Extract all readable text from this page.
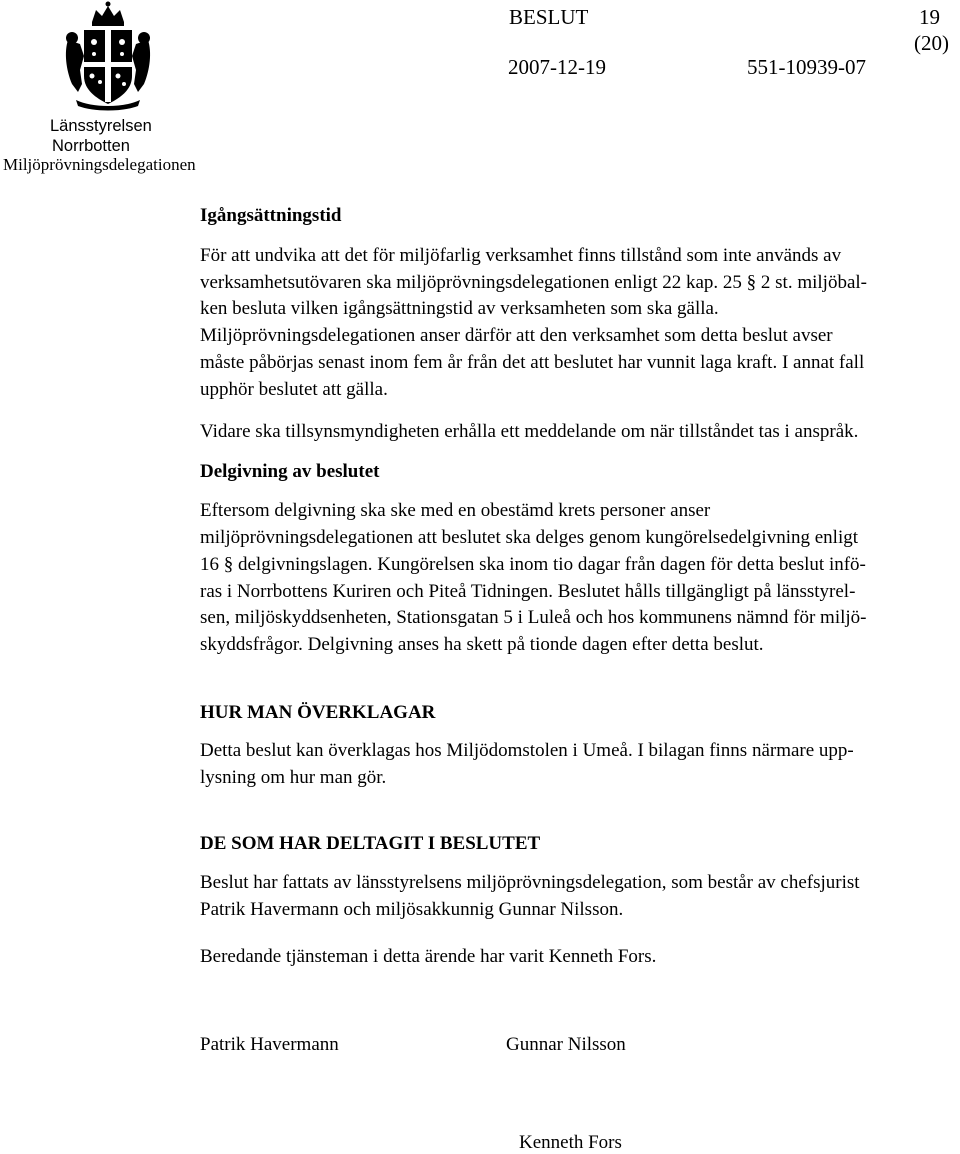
Länsstyrelsen
Norrbotten
Miljöprövningsdelegationen
BESLUT	19
(20)
2007-12-19	551-10939-07

Igångsättningstid

För att undvika att det för miljöfarlig verksamhet finns tillstånd som inte används av

verksamhetsutövaren ska miljöprövningsdelegationen enligt 22 kap. 25 § 2 st. miljöbal-

ken besluta vilken igångsättningstid av verksamheten som ska gälla.

Miljöprövningsdelegationen anser därför att den verksamhet som detta beslut avser

måste påbörjas senast inom fem år från det att beslutet har vunnit laga kraft. I annat fall

upphör beslutet att gälla.

Vidare ska tillsynsmyndigheten erhålla ett meddelande om när tillståndet tas i anspråk.

Delgivning av beslutet

Eftersom delgivning ska ske med en obestämd krets personer anser

miljöprövningsdelegationen att beslutet ska delges genom kungörelsedelgivning enligt

16 § delgivningslagen. Kungörelsen ska inom tio dagar från dagen för detta beslut infö-

ras i Norrbottens Kuriren och Piteå Tidningen. Beslutet hålls tillgängligt på länsstyrel-

sen, miljöskyddsenheten, Stationsgatan 5 i Luleå och hos kommunens nämnd för miljö-

skyddsfrågor. Delgivning anses ha skett på tionde dagen efter detta beslut.

HUR MAN ÖVERKLAGAR

Detta beslut kan överklagas hos Miljödomstolen i Umeå. I bilagan finns närmare upp-

lysning om hur man gör.

DE SOM HAR DELTAGIT I BESLUTET

Beslut har fattats av länsstyrelsens miljöprövningsdelegation, som består av chefsjurist

Patrik Havermann och miljösakkunnig Gunnar Nilsson.

Beredande tjänsteman i detta ärende har varit Kenneth Fors.

Patrik Havermann	Gunnar Nilsson
Kenneth Fors
